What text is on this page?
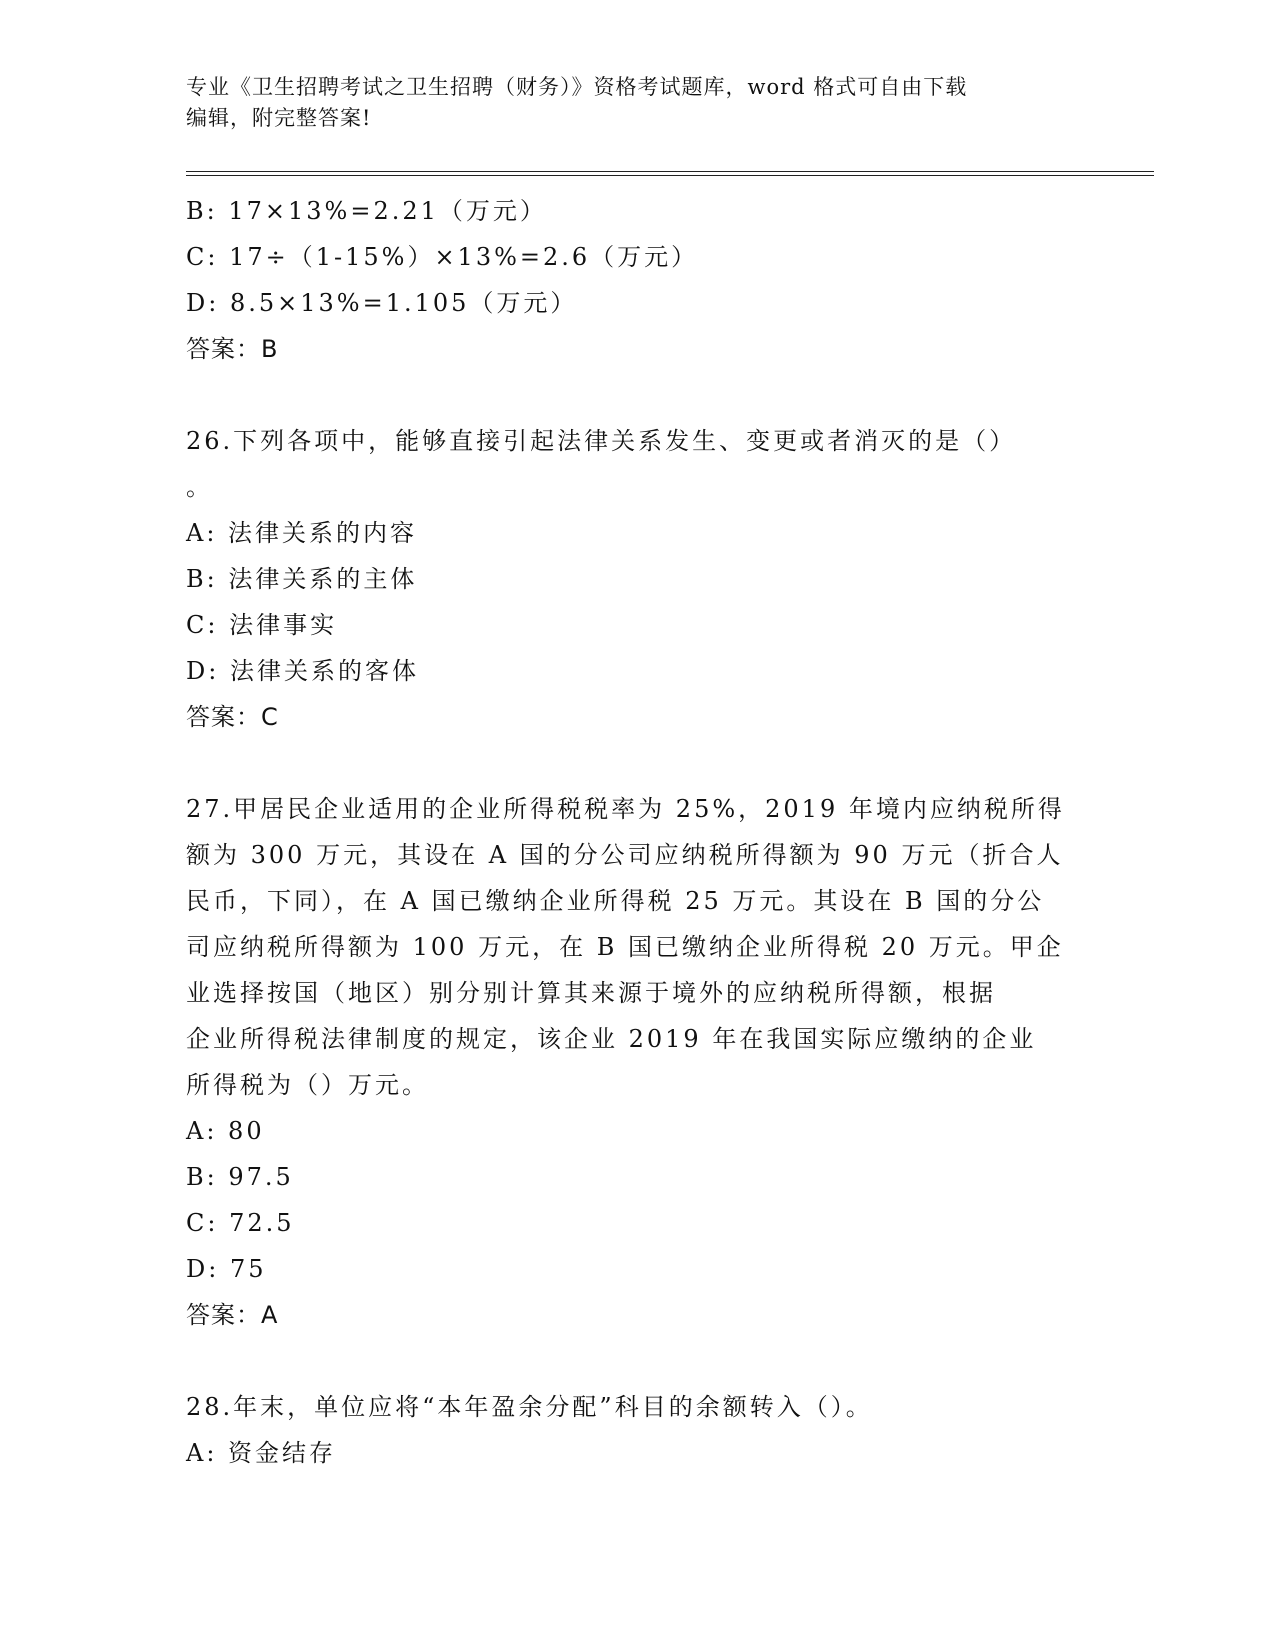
专业《卫生招聘考试之卫生招聘（财务）》资格考试题库，word 格式可自由下载
编辑，附完整答案!
B: 17×13%=2.21（万元）
C: 17÷（1-15%）×13%=2.6（万元）
D: 8.5×13%=1.105（万元）
答案：B
26.下列各项中，能够直接引起法律关系发生、变更或者消灭的是（）
。
A: 法律关系的内容
B: 法律关系的主体
C: 法律事实
D: 法律关系的客体
答案：C
27.甲居民企业适用的企业所得税税率为 25%，2019 年境内应纳税所得
额为 300 万元，其设在 A 国的分公司应纳税所得额为 90 万元（折合人
民币，下同），在 A 国已缴纳企业所得税 25 万元。其设在 B 国的分公
司应纳税所得额为 100 万元，在 B 国已缴纳企业所得税 20 万元。甲企
业选择按国（地区）别分别计算其来源于境外的应纳税所得额，根据
企业所得税法律制度的规定，该企业 2019 年在我国实际应缴纳的企业
所得税为（）万元。
A: 80
B: 97.5
C: 72.5
D: 75
答案：A
28.年末，单位应将“本年盈余分配”科目的余额转入（）。
A: 资金结存
